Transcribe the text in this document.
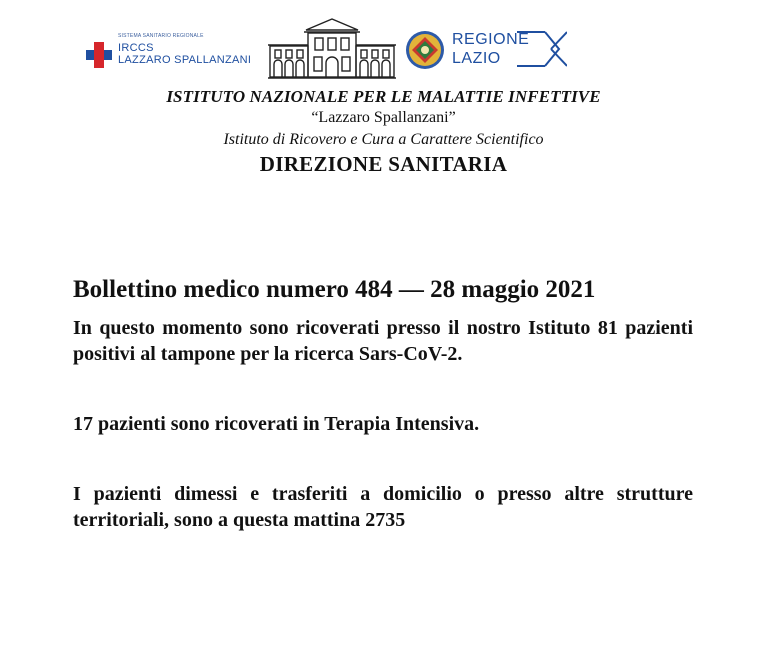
SISTEMA SANITARIO REGIONALE
IRCCS
LAZZARO SPALLANZANI
REGIONE
LAZIO
ISTITUTO NAZIONALE PER LE MALATTIE INFETTIVE
“Lazzaro Spallanzani”
Istituto di Ricovero e Cura a Carattere Scientifico
DIREZIONE SANITARIA

Bollettino medico numero 484 — 28 maggio 2021

In questo momento sono ricoverati presso il nostro Istituto 81 pazienti positivi al tampone per la ricerca Sars-CoV-2.

17 pazienti sono ricoverati in Terapia Intensiva.

I pazienti dimessi e trasferiti a domicilio o presso altre strutture territoriali, sono a questa mattina 2735
